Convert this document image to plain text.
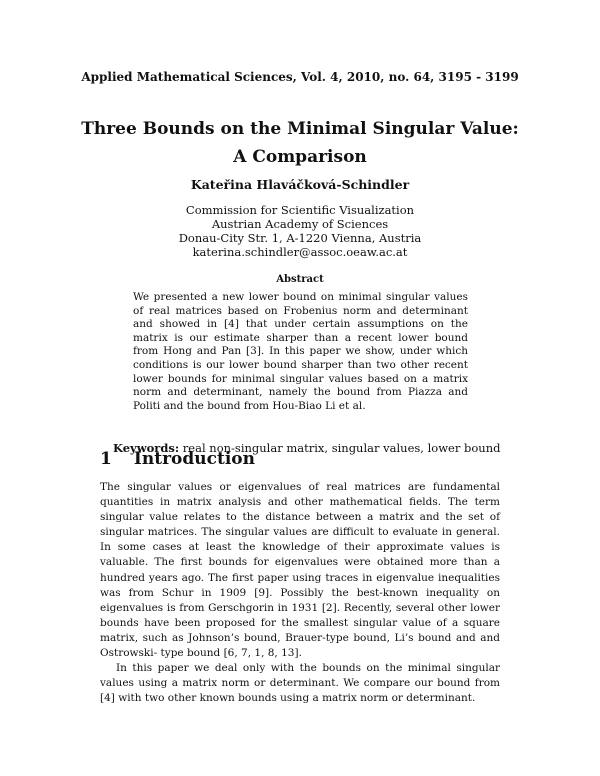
Applied Mathematical Sciences, Vol. 4, 2010, no. 64, 3195 - 3199
Three Bounds on the Minimal Singular Value:
A Comparison
Kateřina Hlaváčková-Schindler
Commission for Scientific Visualization
Austrian Academy of Sciences
Donau-City Str. 1, A-1220 Vienna, Austria
katerina.schindler@assoc.oeaw.ac.at
Abstract
We presented a new lower bound on minimal singular values of real matrices based on Frobenius norm and determinant and showed in [4] that under certain assumptions on the matrix is our estimate sharper than a recent lower bound from Hong and Pan [3]. In this paper we show, under which conditions is our lower bound sharper than two other recent lower bounds for minimal singular values based on a matrix norm and determinant, namely the bound from Piazza and Politi and the bound from Hou-Biao Li et al.
Keywords: real non-singular matrix, singular values, lower bound
1 Introduction

The singular values or eigenvalues of real matrices are fundamental quantities in matrix analysis and other mathematical fields. The term singular value relates to the distance between a matrix and the set of singular matrices. The singular values are difficult to evaluate in general. In some cases at least the knowledge of their approximate values is valuable. The first bounds for eigenvalues were obtained more than a hundred years ago. The first paper using traces in eigenvalue inequalities was from Schur in 1909 [9]. Possibly the best-known inequality on eigenvalues is from Gerschgorin in 1931 [2]. Recently, several other lower bounds have been proposed for the smallest singular value of a square matrix, such as Johnson’s bound, Brauer-type bound, Li’s bound and and Ostrowski- type bound [6, 7, 1, 8, 13].

In this paper we deal only with the bounds on the minimal singular values using a matrix norm or determinant. We compare our bound from [4] with two other known bounds using a matrix norm or determinant.
